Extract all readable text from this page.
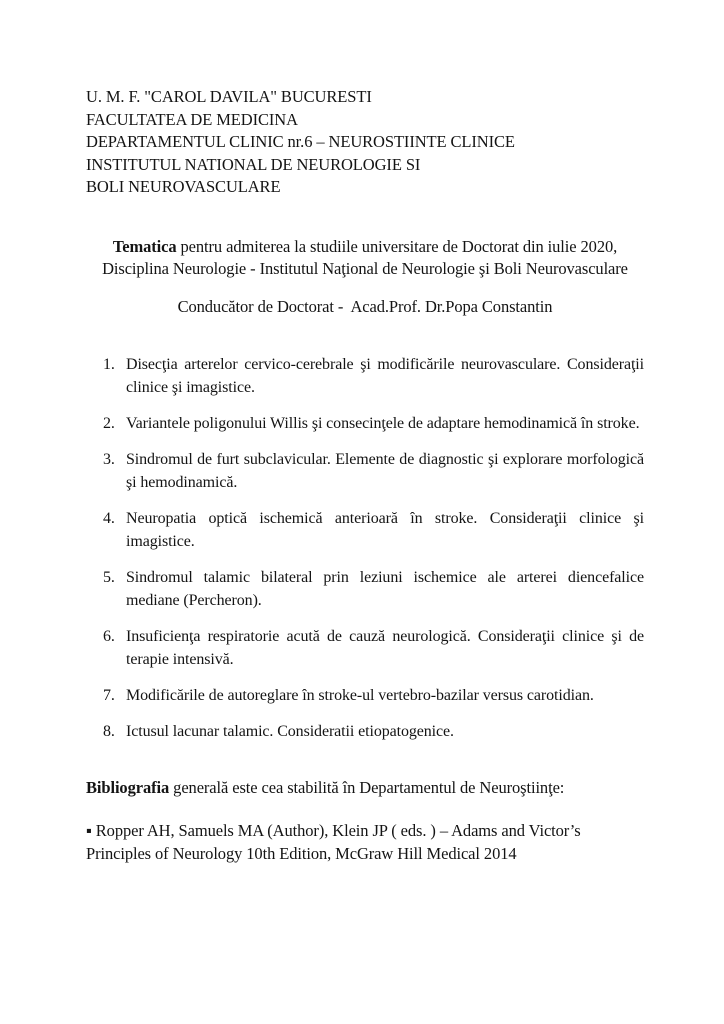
U. M. F. "CAROL DAVILA" BUCURESTI
FACULTATEA DE MEDICINA
DEPARTAMENTUL CLINIC nr.6 – NEUROSTIINTE CLINICE
INSTITUTUL NATIONAL DE NEUROLOGIE SI
BOLI NEUROVASCULARE

Tematica pentru admiterea la studiile universitare de Doctorat din iulie 2020,
Disciplina Neurologie - Institutul Naţional de Neurologie şi Boli Neurovasculare

Conducător de Doctorat -  Acad.Prof. Dr.Popa Constantin

1. Disecţia arterelor cervico-cerebrale şi modificările neurovasculare. Consideraţii clinice şi imagistice.
2. Variantele poligonului Willis şi consecinţele de adaptare hemodinamică în stroke.
3. Sindromul de furt subclavicular. Elemente de diagnostic şi explorare morfologică şi hemodinamică.
4. Neuropatia optică ischemică anterioară în stroke. Consideraţii clinice şi imagistice.
5. Sindromul talamic bilateral prin leziuni ischemice ale arterei diencefalice mediane (Percheron).
6. Insuficienţa respiratorie acută de cauză neurologică. Consideraţii clinice şi de terapie intensivă.
7. Modificările de autoreglare în stroke-ul vertebro-bazilar versus carotidian.
8. Ictusul lacunar talamic. Consideratii etiopatogenice.

Bibliografia generală este cea stabilită în Departamentul de Neuroştiinţe:

▪ Ropper AH, Samuels MA (Author), Klein JP ( eds. ) – Adams and Victor’s
Principles of Neurology 10th Edition, McGraw Hill Medical 2014
